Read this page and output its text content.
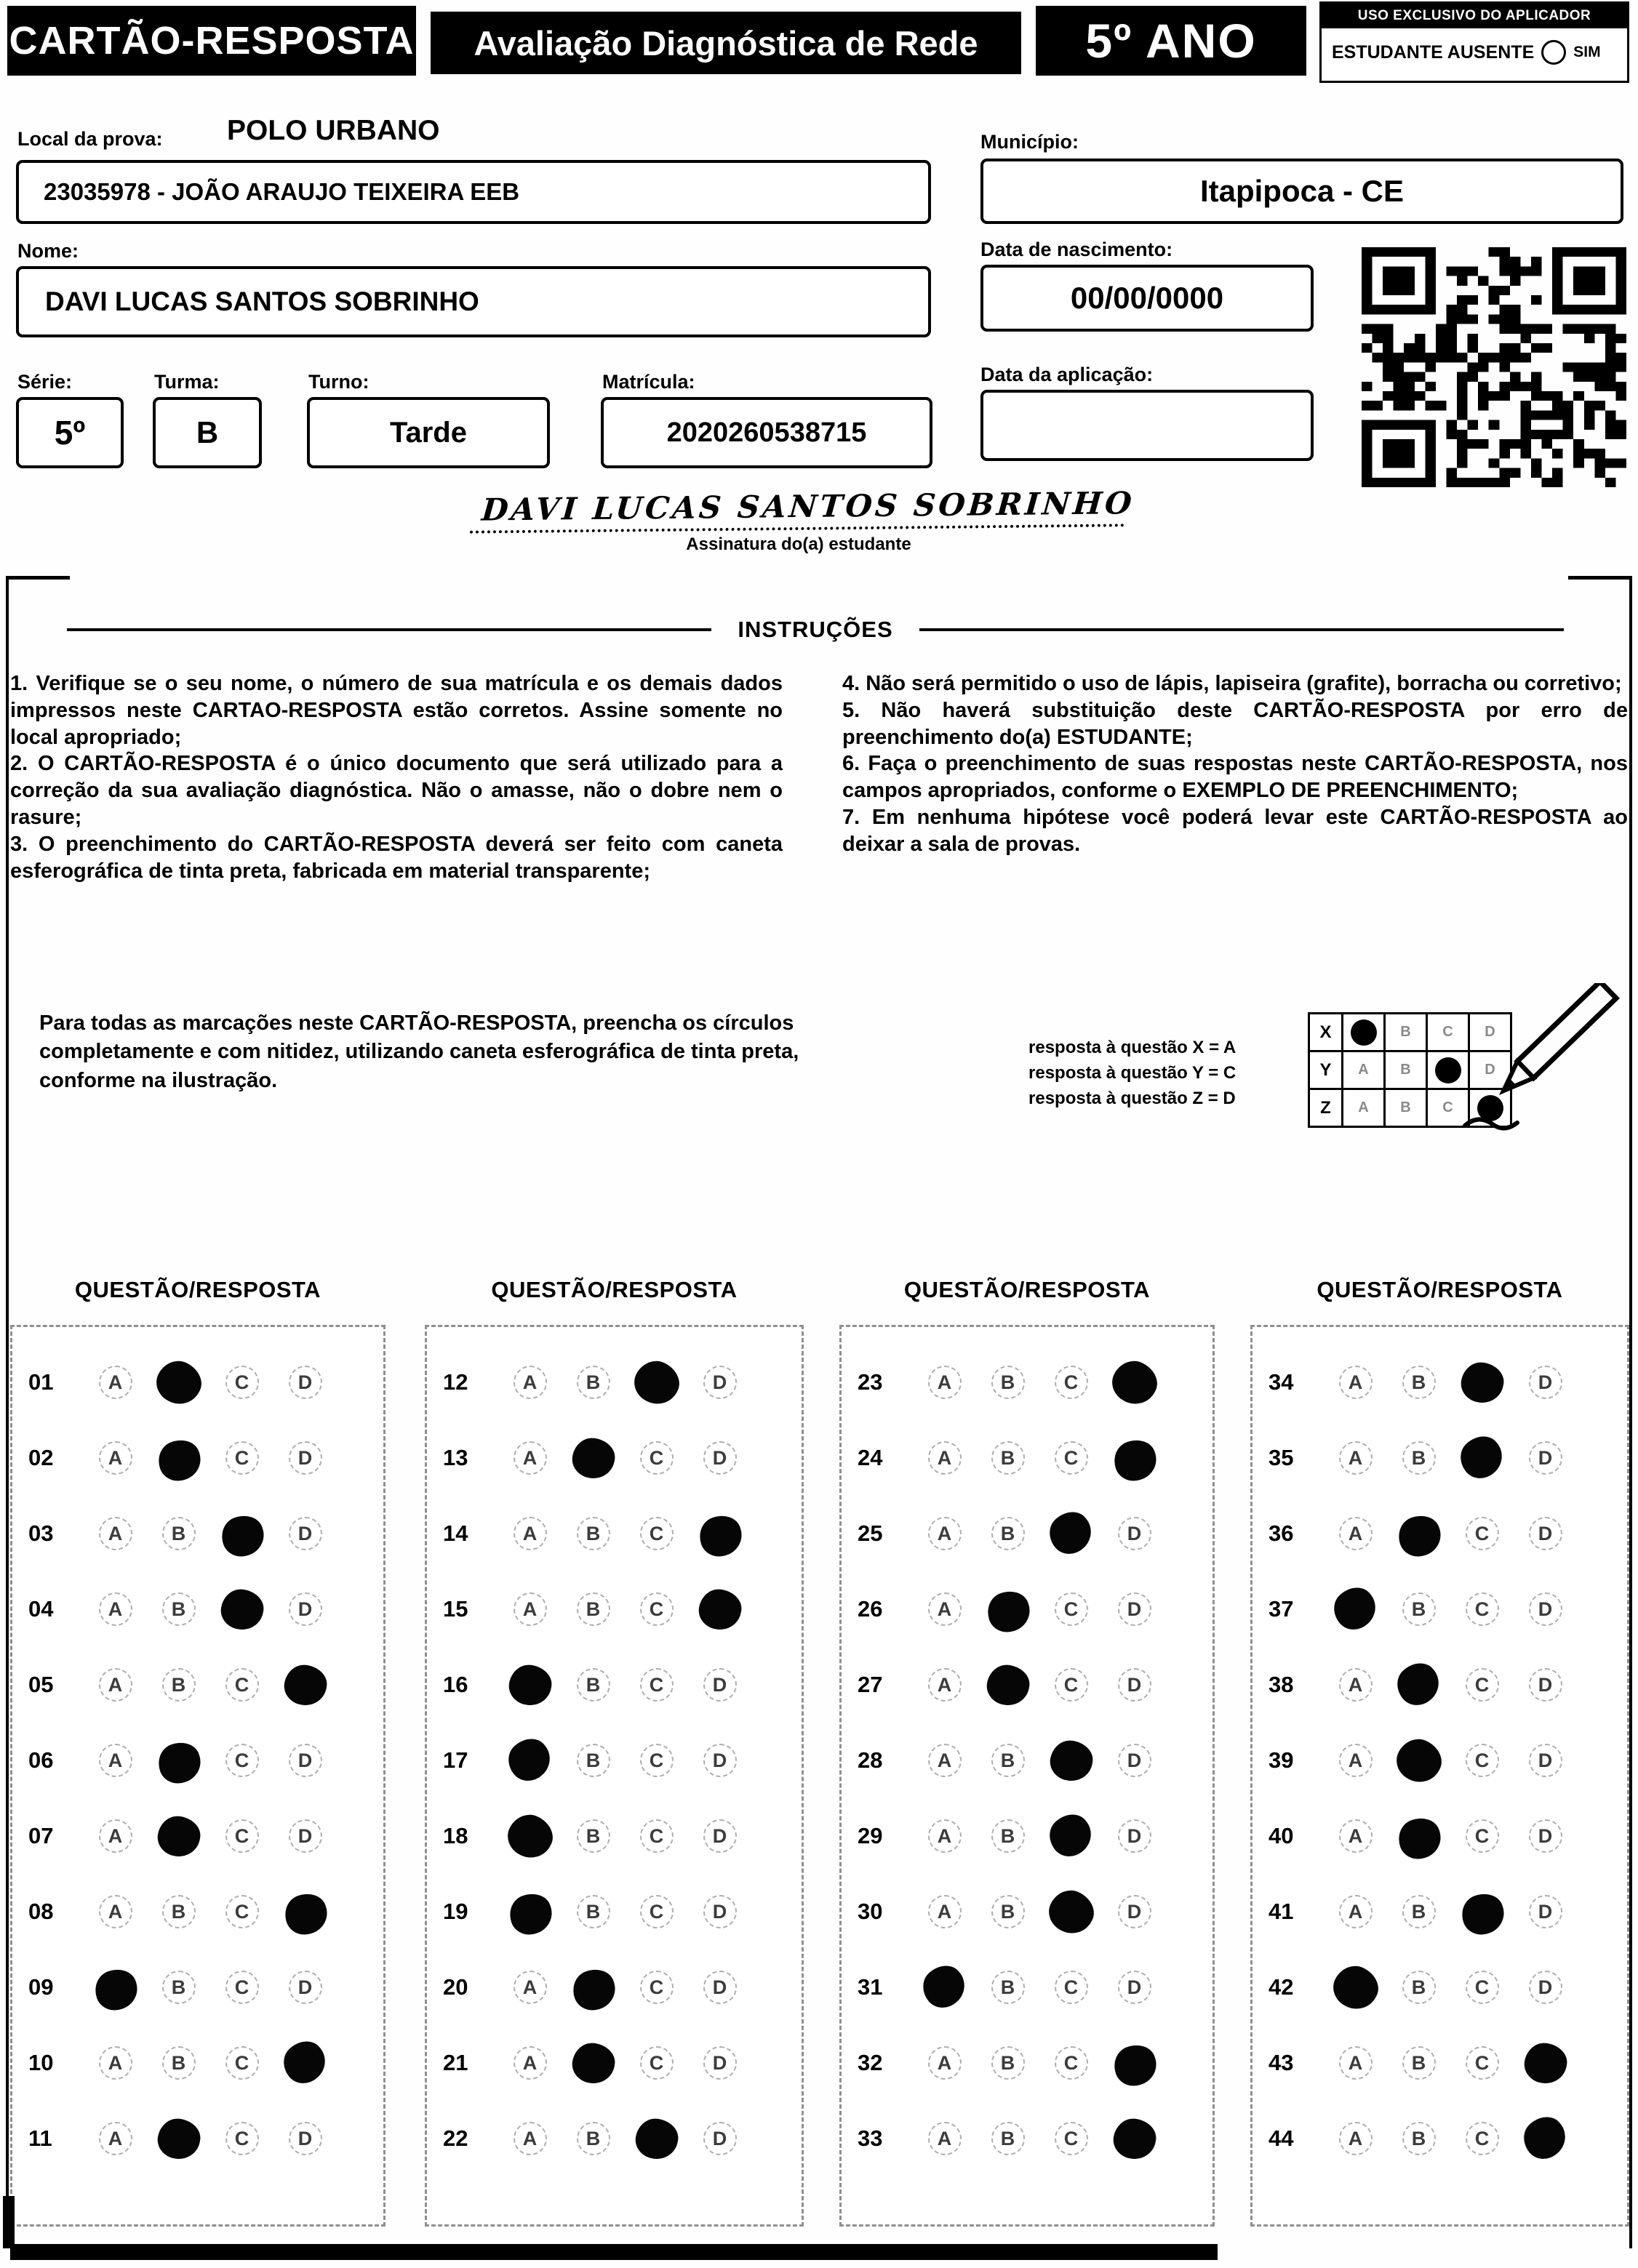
CARTÃO-RESPOSTA	Avaliação Diagnóstica de Rede	5º ANO	USO EXCLUSIVO DO APLICADOR
ESTUDANTE AUSENTE	SIM
Local da prova: POLO URBANO
23035978 - JOÃO ARAUJO TEIXEIRA EEB
Município:
Itapipoca - CE
Nome:
DAVI LUCAS SANTOS SOBRINHO
Data de nascimento:
00/00/0000
Série:
5º
Turma:
B
Turno:
Tarde
Matrícula:
2020260538715
Data da aplicação:
DAVI LUCAS SANTOS SOBRINHO
Assinatura do(a) estudante
INSTRUÇÕES
1. Verifique se o seu nome, o número de sua matrícula e os demais dados impressos neste CARTAO-RESPOSTA estão corretos. Assine somente no local apropriado;
2. O CARTÃO-RESPOSTA é o único documento que será utilizado para a correção da sua avaliação diagnóstica. Não o amasse, não o dobre nem o rasure;
3. O preenchimento do CARTÃO-RESPOSTA deverá ser feito com caneta esferográfica de tinta preta, fabricada em material transparente;
4. Não será permitido o uso de lápis, lapiseira (grafite), borracha ou corretivo;
5. Não haverá substituição deste CARTÃO-RESPOSTA por erro de preenchimento do(a) ESTUDANTE;
6. Faça o preenchimento de suas respostas neste CARTÃO-RESPOSTA, nos campos apropriados, conforme o EXEMPLO DE PREENCHIMENTO;
7. Em nenhuma hipótese você poderá levar este CARTÃO-RESPOSTA ao deixar a sala de provas.
Para todas as marcações neste CARTÃO-RESPOSTA, preencha os círculos completamente e com nitidez, utilizando caneta esferográfica de tinta preta, conforme na ilustração.
resposta à questão X = A
resposta à questão Y = C
resposta à questão Z = D
X		B	C	D
Y	A	B		D
Z	A	B	C	
QUESTÃO/RESPOSTA	QUESTÃO/RESPOSTA	QUESTÃO/RESPOSTA	QUESTÃO/RESPOSTA
01	A	C	D
02	A	C	D
03	A	B	D
04	A	B	D
05	A	B	C
06	A	C	D
07	A	C	D
08	A	B	C
09	B	C	D
10	A	B	C
11	A	C	D
12	A	B	D
13	A	C	D
14	A	B	C
15	A	B	C
16	B	C	D
17	B	C	D
18	B	C	D
19	B	C	D
20	A	C	D
21	A	C	D
22	A	B	D
23	A	B	C
24	A	B	C
25	A	B	D
26	A	C	D
27	A	C	D
28	A	B	D
29	A	B	D
30	A	B	D
31	B	C	D
32	A	B	C
33	A	B	C
34	A	B	D
35	A	B	D
36	A	C	D
37	B	C	D
38	A	C	D
39	A	C	D
40	A	C	D
41	A	B	D
42	B	C	D
43	A	B	C
44	A	B	C
